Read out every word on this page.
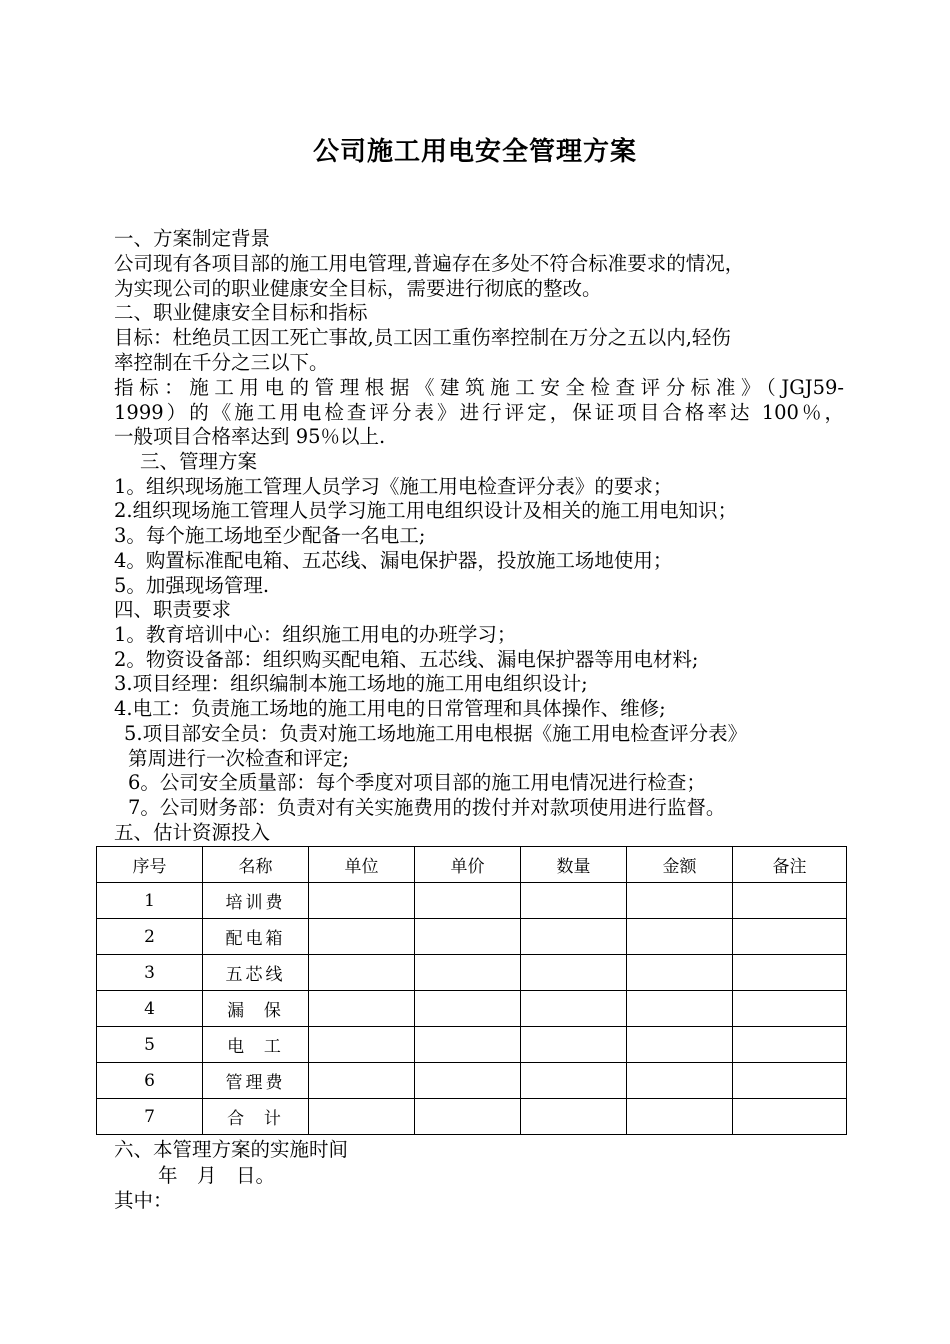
公司施工用电安全管理方案
一、方案制定背景
公司现有各项目部的施工用电管理,普遍存在多处不符合标准要求的情况，
为实现公司的职业健康安全目标，需要进行彻底的整改。
二、职业健康安全目标和指标
目标：杜绝员工因工死亡事故,员工因工重伤率控制在万分之五以内,轻伤
率控制在千分之三以下。
指标：施工用电的管理根据《建筑施工安全检查评分标准》（JGJ59-
1999）的《施工用电检查评分表》进行评定，保证项目合格率达 100％，
一般项目合格率达到 95％以上.
三、管理方案
1。组织现场施工管理人员学习《施工用电检查评分表》的要求；
2.组织现场施工管理人员学习施工用电组织设计及相关的施工用电知识；
3。每个施工场地至少配备一名电工;
4。购置标准配电箱、五芯线、漏电保护器，投放施工场地使用；
5。加强现场管理.
四、职责要求
1。教育培训中心：组织施工用电的办班学习；
2。物资设备部：组织购买配电箱、五芯线、漏电保护器等用电材料;
3.项目经理：组织编制本施工场地的施工用电组织设计;
4.电工：负责施工场地的施工用电的日常管理和具体操作、维修;
5.项目部安全员：负责对施工场地施工用电根据《施工用电检查评分表》
第周进行一次检查和评定;
6。公司安全质量部：每个季度对项目部的施工用电情况进行检查；
7。公司财务部：负责对有关实施费用的拨付并对款项使用进行监督。
五、估计资源投入
序号	名称	单位	单价	数量	金额	备注
1	培训费					
2	配电箱					
3	五芯线					
4	漏  保					
5	电  工					
6	管理费					
7	合  计					
六、本管理方案的实施时间
年　月　日。
其中：
